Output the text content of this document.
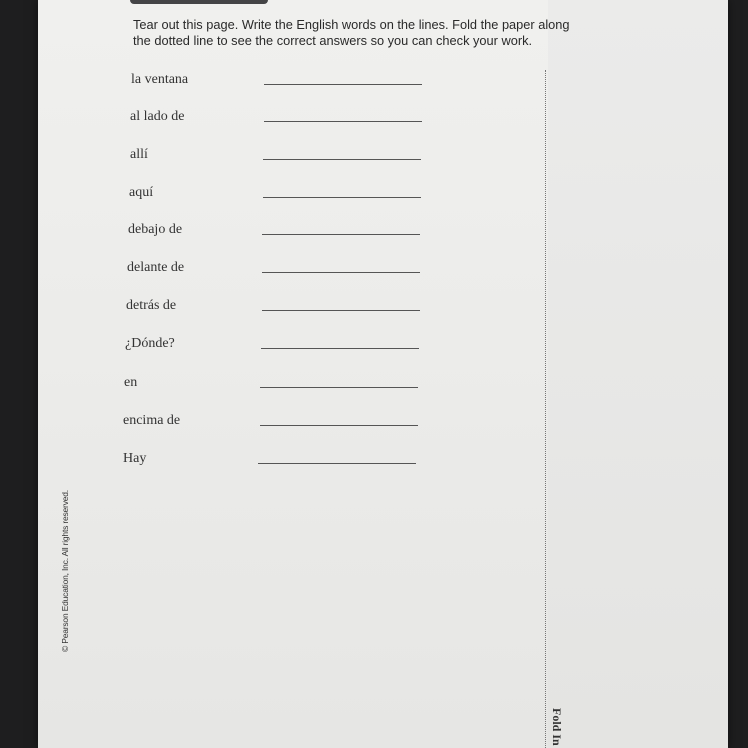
Tear out this page. Write the English words on the lines. Fold the paper along
the dotted line to see the correct answers so you can check your work.
la ventana
al lado de
allí
aquí
debajo de
delante de
detrás de
¿Dónde?
en
encima de
Hay
Fold In
© Pearson Education, Inc. All rights reserved.
